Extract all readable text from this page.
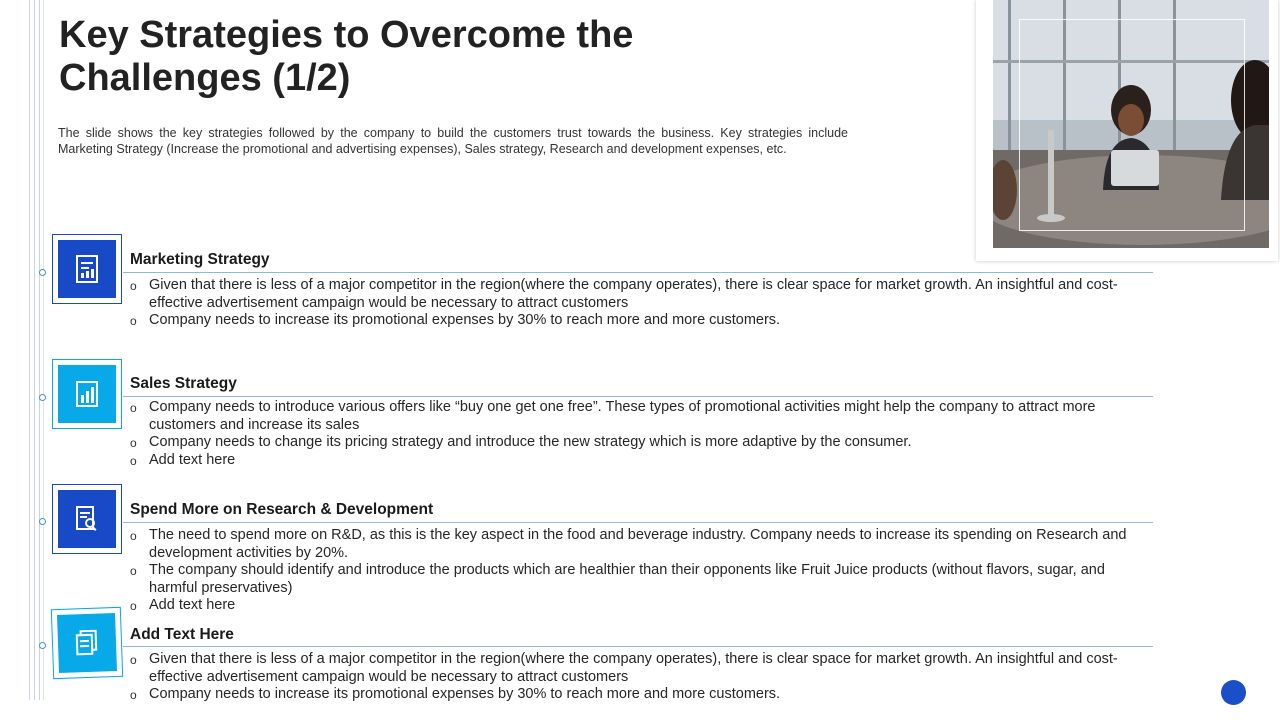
Key Strategies to Overcome the Challenges (1/2)

The slide shows the key strategies followed by the company to build the customers trust towards the business. Key strategies include Marketing Strategy (Increase the promotional and advertising expenses), Sales strategy, Research and development expenses, etc.

Marketing Strategy
o Given that there is less of a major competitor in the region(where the company operates), there is clear space for market growth. An insightful and cost-effective advertisement campaign would be necessary to attract customers
o Company needs to increase its promotional expenses by 30% to reach more and more customers.
Sales Strategy
o Company needs to introduce various offers like “buy one get one free”. These types of promotional activities might help the company to attract more customers and increase its sales
o Company needs to change its pricing strategy and introduce the new strategy which is more adaptive by the consumer.
o Add text here
Spend More on Research & Development
o The need to spend more on R&D, as this is the key aspect in the food and beverage industry. Company needs to increase its spending on Research and development activities by 20%.
o The company should identify and introduce the products which are healthier than their opponents like Fruit Juice products (without flavors, sugar, and harmful preservatives)
o Add text here
Add Text Here
o Given that there is less of a major competitor in the region(where the company operates), there is clear space for market growth. An insightful and cost-effective advertisement campaign would be necessary to attract customers
o Company needs to increase its promotional expenses by 30% to reach more and more customers.
